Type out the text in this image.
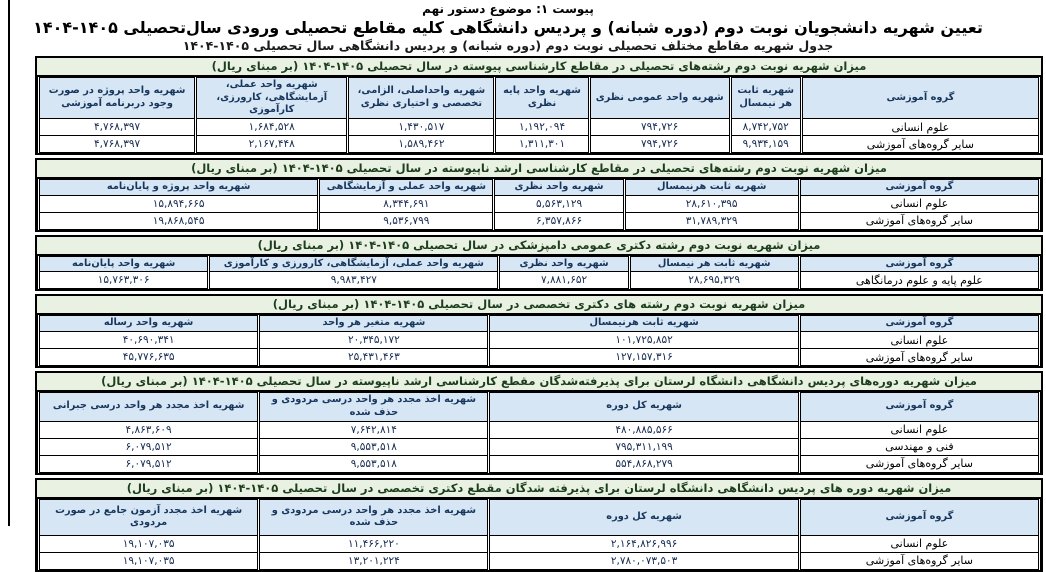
پیوست ۱: موضوع دستور نهم

تعیین شهریه دانشجویان نوبت دوم (دوره شبانه) و پردیس دانشگاهی کلیه مقاطع تحصیلی ورودی سال‌تحصیلی ۱۴۰۵-۱۴۰۴

جدول شهریه مقاطع مختلف تحصیلی نوبت دوم (دوره شبانه) و پردیس دانشگاهی سال تحصیلی ۱۴۰۵-۱۴۰۴

میزان شهریه نوبت دوم رشته‌های تحصیلی در مقاطع کارشناسی پیوسته در سال تحصیلی ۱۴۰۵-۱۴۰۴ (بر مبنای ریال)
گروه آموزشی	شهریه ثابت هر نیمسال	شهریه واحد عمومی نظری	شهریه واحد پایه نظری	شهریه واحداصلی، الزامی، تخصصی و اختیاری نظری	شهریه واحد عملی، آزمایشگاهی، کارورزی، کارآموزی	شهریه واحد پروژه در صورت وجود دربرنامه آموزشی
علوم انسانی	۸,۷۴۲,۷۵۲	۷۹۴,۷۲۶	۱,۱۹۲,۰۹۴	۱,۴۳۰,۵۱۷	۱,۶۸۴,۵۲۸	۴,۷۶۸,۳۹۷
سایر گروه‌های آموزشی	۹,۹۳۴,۱۵۹	۷۹۴,۷۲۶	۱,۳۱۱,۳۰۱	۱,۵۸۹,۴۶۲	۲,۱۶۷,۴۴۸	۴,۷۶۸,۳۹۷
میزان شهریه نوبت دوم رشته‌های تحصیلی در مقاطع کارشناسی ارشد ناپیوسته در سال تحصیلی ۱۴۰۵-۱۴۰۴ (بر مبنای ریال)
گروه آموزشی	شهریه ثابت هرنیمسال	شهریه واحد نظری	شهریه واحد عملی و آزمایشگاهی	شهریه واحد پروژه و پایان‌نامه
علوم انسانی	۲۸,۶۱۰,۳۹۵	۵,۵۶۳,۱۲۹	۸,۳۴۴,۶۹۱	۱۵,۸۹۴,۶۶۵
سایر گروه‌های آموزشی	۳۱,۷۸۹,۳۲۹	۶,۳۵۷,۸۶۶	۹,۵۳۶,۷۹۹	۱۹,۸۶۸,۵۴۵
میزان شهریه نوبت دوم رشته دکتری عمومی دامپزشکی در سال تحصیلی ۱۴۰۵-۱۴۰۴ (بر مبنای ریال)
گروه آموزشی	شهریه ثابت هر نیمسال	شهریه واحد نظری	شهریه واحد عملی، آزمایشگاهی، کارورزی و کارآموزی	شهریه واحد پایان‌نامه
علوم پایه و علوم درمانگاهی	۲۸,۶۹۵,۳۲۹	۷,۸۸۱,۶۵۲	۹,۹۸۳,۴۲۷	۱۵,۷۶۳,۳۰۶
میزان شهریه نوبت دوم رشته های دکتری تخصصی در سال تحصیلی ۱۴۰۵-۱۴۰۴ (بر مبنای ریال)
گروه آموزشی	شهریه ثابت هرنیمسال	شهریه متغیر هر واحد	شهریه واحد رساله
علوم انسانی	۱۰۱,۷۲۵,۸۵۲	۲۰,۳۴۵,۱۷۲	۴۰,۶۹۰,۳۴۱
سایر گروه‌های آموزشی	۱۲۷,۱۵۷,۳۱۶	۲۵,۴۳۱,۴۶۳	۴۵,۷۷۶,۶۳۵
میزان شهریه دوره‌های پردیس دانشگاهی دانشگاه لرستان برای پذیرفته‌شدگان مقطع کارشناسی ارشد ناپیوسته در سال تحصیلی ۱۴۰۵-۱۴۰۴ (بر مبنای ریال)
گروه آموزشی	شهریه کل دوره	شهریه اخذ مجدد هر واحد درسی مردودی و حذف شده	شهریه اخذ مجدد هر واحد درسی جبرانی
علوم انسانی	۴۸۰,۸۸۵,۵۶۶	۷,۶۴۲,۸۱۴	۴,۸۶۳,۶۰۹
فنی و مهندسی	۷۹۵,۳۱۱,۱۹۹	۹,۵۵۳,۵۱۸	۶,۰۷۹,۵۱۲
سایر گروه‌های آموزشی	۵۵۴,۸۶۸,۲۷۹	۹,۵۵۳,۵۱۸	۶,۰۷۹,۵۱۲
میزان شهریه دوره های پردیس دانشگاهی دانشگاه لرستان برای پذیرفته شدگان مقطع دکتری تخصصی در سال تحصیلی ۱۴۰۵-۱۴۰۴ (بر مبنای ریال)
گروه آموزشی	شهریه کل دوره	شهریه اخذ مجدد هر واحد درسی مردودی و حذف شده	شهریه اخذ مجدد آزمون جامع در صورت مردودی
علوم انسانی	۲,۱۶۴,۸۲۶,۹۹۶	۱۱,۴۶۶,۲۲۰	۱۹,۱۰۷,۰۳۵
سایر گروه‌های آموزشی	۲,۷۸۰,۰۷۳,۵۰۳	۱۳,۲۰۱,۲۲۴	۱۹,۱۰۷,۰۳۵
